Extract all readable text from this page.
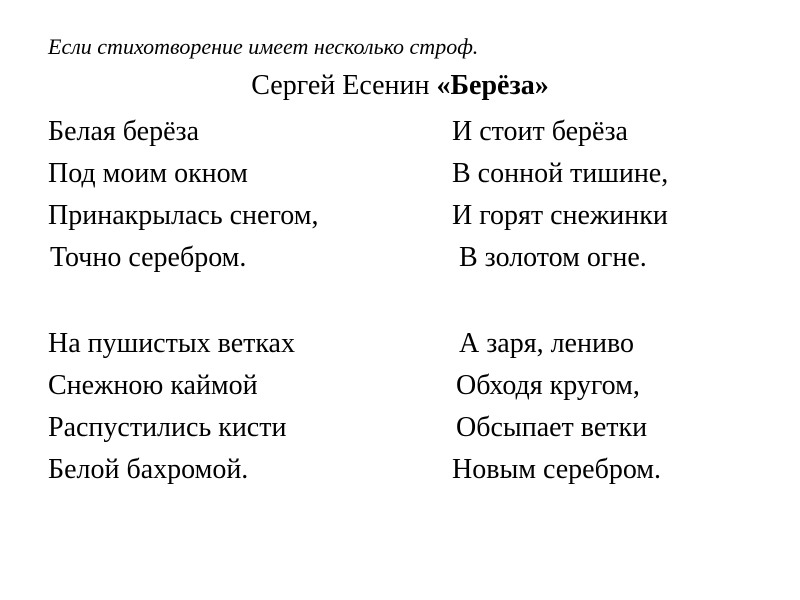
Если стихотворение имеет несколько строф.
Сергей Есенин «Берёза»
Белая берёза
Под моим окном
Принакрылась снегом,
Точно серебром.
И стоит берёза
В сонной тишине,
И горят снежинки
В золотом огне.
На пушистых ветках
Снежною каймой
Распустились кисти
Белой бахромой.
А заря, лениво
Обходя кругом,
Обсыпает ветки
Новым серебром.
